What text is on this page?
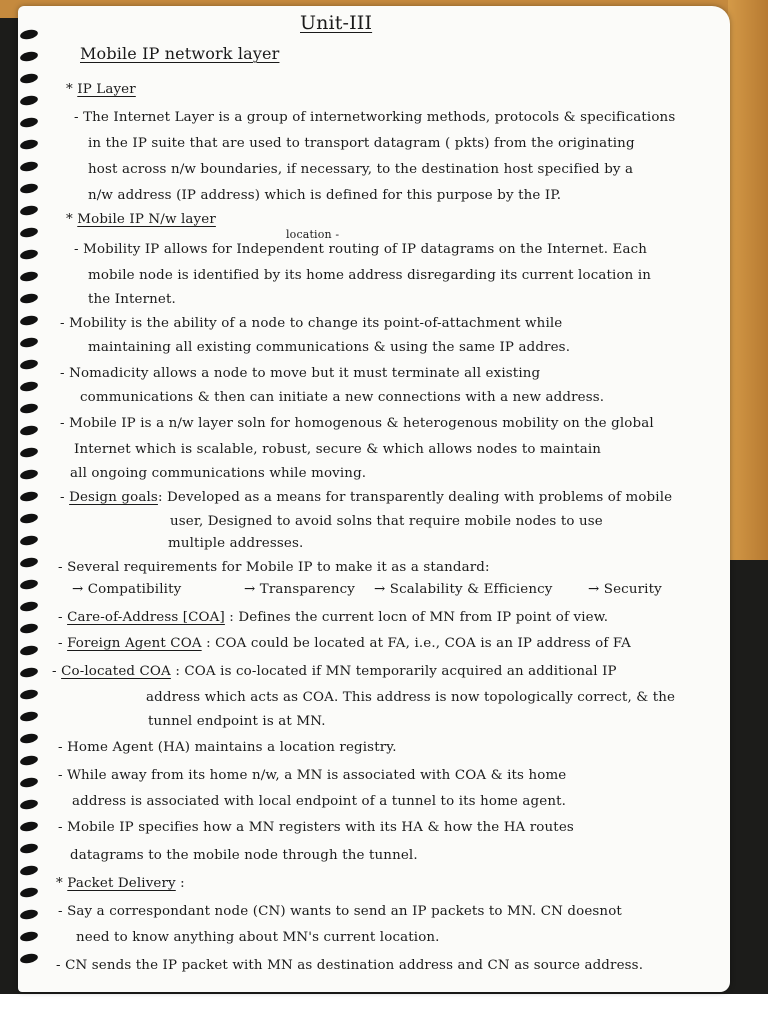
Unit-III
Mobile IP network layer
* IP Layer
- The Internet Layer is a group of internetworking methods, protocols & specifications
in the IP suite that are used to transport datagram ( pkts) from the originating
host across n/w boundaries, if necessary, to the destination host specified by a
n/w address (IP address) which is defined for this purpose by the IP.
* Mobile IP N/w layer
location -
- Mobility IP allows for Independent routing of IP datagrams on the Internet. Each
mobile node is identified by its home address disregarding its current location in
the Internet.
- Mobility is the ability of a node to change its point-of-attachment while
maintaining all existing communications & using the same IP addres.
- Nomadicity allows a node to move but it must terminate all existing
communications & then can initiate a new connections with a new address.
- Mobile IP is a n/w layer soln for homogenous & heterogenous mobility on the global
Internet which is scalable, robust, secure & which allows nodes to maintain
all ongoing communications while moving.
- Design goals: Developed as a means for transparently dealing with problems of mobile
user, Designed to avoid solns that require mobile nodes to use
multiple addresses.
- Several requirements for Mobile IP to make it as a standard:
→ Compatibility	→ Transparency → Scalability & Efficiency	→ Security
- Care-of-Address [COA] : Defines the current locn of MN from IP point of view.
- Foreign Agent COA : COA could be located at FA, i.e., COA is an IP address of FA
- Co-located COA : COA is co-located if MN temporarily acquired an additional IP
address which acts as COA. This address is now topologically correct, & the
tunnel endpoint is at MN.
- Home Agent (HA) maintains a location registry.
- While away from its home n/w, a MN is associated with COA & its home
address is associated with local endpoint of a tunnel to its home agent.
- Mobile IP specifies how a MN registers with its HA & how the HA routes
datagrams to the mobile node through the tunnel.
* Packet Delivery :
- Say a correspondant node (CN) wants to send an IP packets to MN. CN doesnot
need to know anything about MN's current location.
- CN sends the IP packet with MN as destination address and CN as source address.
